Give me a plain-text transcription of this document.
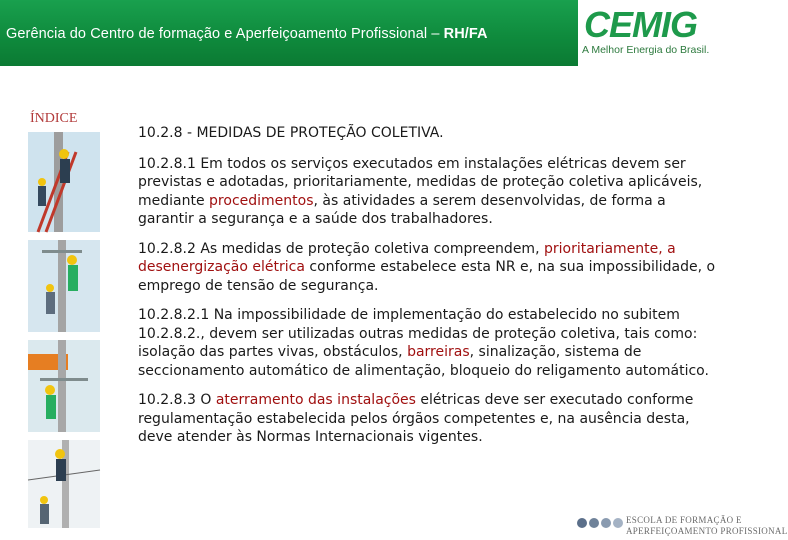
Gerência do Centro de formação e Aperfeiçoamento Profissional – RH/FA	CEMIG
A Melhor Energia do Brasil.
ÍNDICE
10.2.8 - MEDIDAS DE PROTEÇÃO COLETIVA.

10.2.8.1 Em todos os serviços executados em instalações elétricas devem ser previstas e adotadas, prioritariamente, medidas de proteção coletiva aplicáveis, mediante procedimentos, às atividades a serem desenvolvidas, de forma a garantir a segurança e a saúde dos trabalhadores.

10.2.8.2 As medidas de proteção coletiva compreendem, prioritariamente, a desenergização elétrica conforme estabelece esta NR e, na sua impossibilidade, o emprego de tensão de segurança.

10.2.8.2.1 Na impossibilidade de implementação do estabelecido no subitem 10.2.8.2., devem ser utilizadas outras medidas de proteção coletiva, tais como: isolação das partes vivas, obstáculos, barreiras, sinalização, sistema de seccionamento automático de alimentação, bloqueio do religamento automático.

10.2.8.3 O aterramento das instalações elétricas deve ser executado conforme regulamentação estabelecida pelos órgãos competentes e, na ausência desta, deve atender às Normas Internacionais vigentes.

ESCOLA DE FORMAÇÃO E
APERFEIÇOAMENTO PROFISSIONAL
